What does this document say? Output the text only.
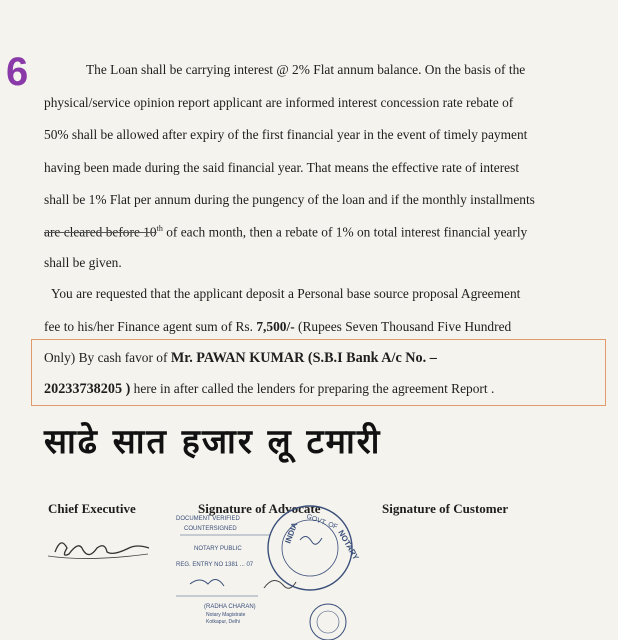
6	The Loan shall be carrying interest @ 2% Flat annum balance. On the basis of the
physical/service opinion report applicant are informed interest concession rate rebate of
50% shall be allowed after expiry of the first financial year in the event of timely payment
having been made during the said financial year. That means the effective rate of interest
shall be 1% Flat per annum during the pungency of the loan and if the monthly installments
are cleared before 10th of each month, then a rebate of 1% on total interest financial yearly
shall be given.
You are requested that the applicant deposit a Personal base source proposal Agreement
fee to his/her Finance agent sum of Rs. 7,500/- (Rupees Seven Thousand Five Hundred
Only) By cash favor of Mr. PAWAN KUMAR (S.B.I Bank A/c No. –
20233738205 ) here in after called the lenders for preparing the agreement Report .
साढे सात हजार लू टमारी
Chief Executive	Signature of Advocate	Signature of Customer
DOCUMENT VERIFIED
COUNTERSIGNED
NOTARY PUBLIC
REG. ENTRY NO 1381 ... 07
(RADHA CHARAN)
Notary Magistrate
Kotkapur, Delhi
INDIA	NOTARY
GOVT. OF
